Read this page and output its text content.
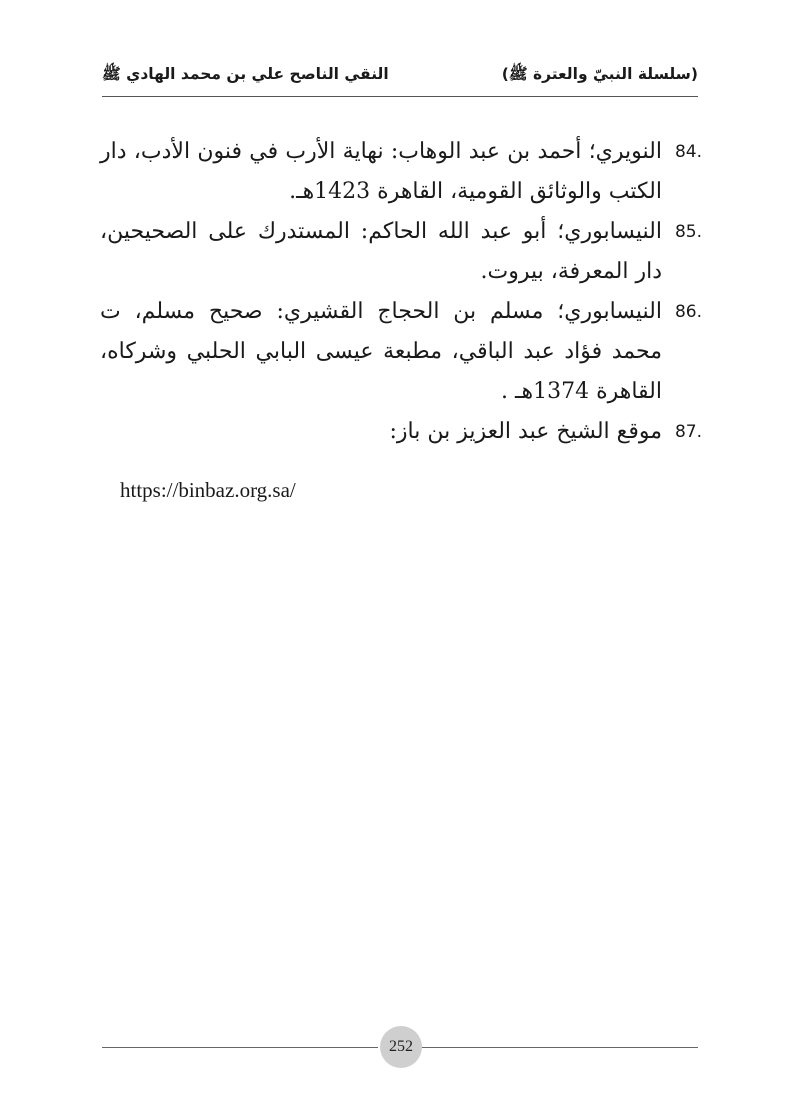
(سلسلة النبيّ والعترة ﷺ)
النقي الناصح علي بن محمد الهادي ﷺ
84.
النويري؛ أحمد بن عبد الوهاب: نهاية الأرب في فنون الأدب، دار الكتب والوثائق القومية، القاهرة 1423هـ.
85.
النيسابوري؛ أبو عبد الله الحاكم: المستدرك على الصحيحين، دار المعرفة، بيروت.
86.
النيسابوري؛ مسلم بن الحجاج القشيري: صحيح مسلم، ت محمد فؤاد عبد الباقي، مطبعة عيسى البابي الحلبي وشركاه، القاهرة 1374هـ .
87.
موقع الشيخ عبد العزيز بن باز:
https://binbaz.org.sa/
252
